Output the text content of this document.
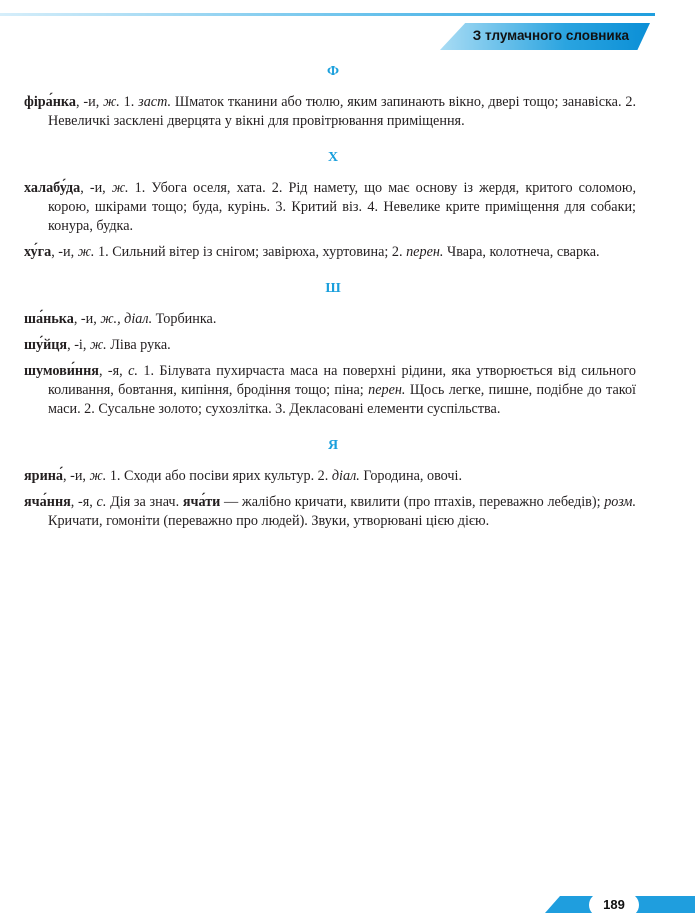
З тлумачного словника
Ф

фіра́нка, -и, ж. 1. заст. Шматок тканини або тюлю, яким запинають вікно, двері тощо; занавіска. 2. Невеличкі засклені дверцята у вікні для провітрювання приміщення.

Х

халабу́да, -и, ж. 1. Убога оселя, хата. 2. Рід намету, що має основу із жердя, критого соломою, корою, шкірами тощо; буда, курінь. 3. Критий віз. 4. Невелике крите приміщення для собаки; конура, будка.

ху́га, -и, ж. 1. Сильний вітер із снігом; завірюха, хуртовина; 2. перен. Чвара, колотнеча, сварка.

Ш

ша́нька, -и, ж., діал. Торбинка.

шу́йця, -і, ж. Ліва рука.

шумови́ння, -я, с. 1. Білувата пухирчаста маса на поверхні рідини, яка утворюється від сильного коливання, бовтання, кипіння, бродіння тощо; піна; перен. Щось легке, пишне, подібне до такої маси. 2. Сусальне золото; сухозлітка. 3. Декласовані елементи суспільства.

Я

ярина́, -и, ж. 1. Сходи або посіви ярих культур. 2. діал. Городина, овочі.

яча́ння, -я, с. Дія за знач. яча́ти — жалібно кричати, квилити (про птахів, переважно лебедів); розм. Кричати, гомоніти (переважно про людей). Звуки, утворювані цією дією.

189
